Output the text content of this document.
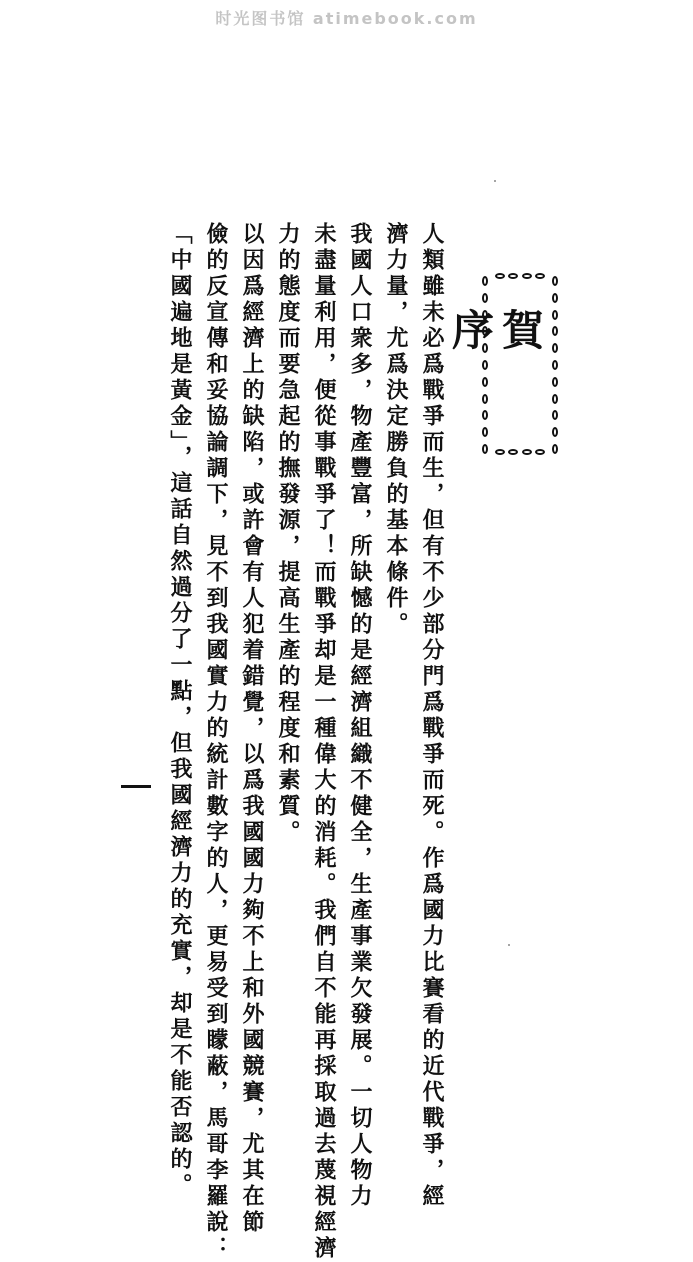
时光图书馆 atimebook.com
賀序

人類雖未必爲戰爭而生，但有不少部分門爲戰爭而死。作爲國力比賽看的近代戰爭，經

濟力量，尤爲決定勝負的基本條件。

我國人口衆多，物產豐富，所缺憾的是經濟組織不健全，生產事業欠發展。一切人物力

未盡量利用，便從事戰爭了！而戰爭却是一種偉大的消耗。我們自不能再採取過去蔑視經濟

力的態度而要急起的撫發源，提高生產的程度和素質。

以因爲經濟上的缺陷，或許會有人犯着錯覺，以爲我國國力夠不上和外國競賽，尤其在節

儉的反宣傳和妥協論調下，見不到我國實力的統計數字的人，更易受到矇蔽，馬哥李羅說：

「中國遍地是黃金」，這話自然過分了一點，但我國經濟力的充實，却是不能否認的。
